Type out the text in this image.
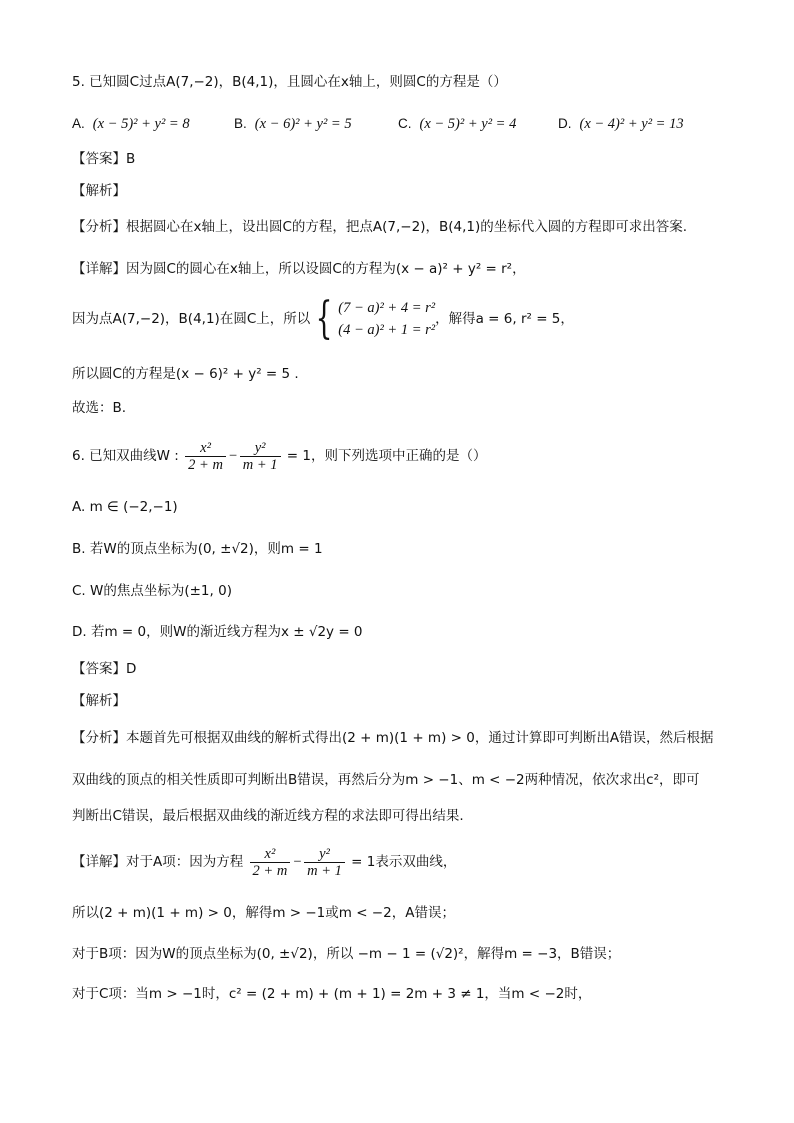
5. 已知圆C过点A(7,−2)，B(4,1)，且圆心在x轴上，则圆C的方程是（）
A. (x − 5)² + y² = 8	B. (x − 6)² + y² = 5	C. (x − 5)² + y² = 4	D. (x − 4)² + y² = 13
【答案】B
【解析】
【分析】根据圆心在x轴上，设出圆C的方程，把点A(7,−2)，B(4,1)的坐标代入圆的方程即可求出答案.
【详解】因为圆C的圆心在x轴上，所以设圆C的方程为(x − a)² + y² = r²，
因为点A(7,−2)，B(4,1)在圆C上，所以 { (7 − a)² + 4 = r²
(4 − a)² + 1 = r²
，解得a = 6, r² = 5，
所以圆C的方程是(x − 6)² + y² = 5 .
故选：B.
6. 已知双曲线W : $\frac{\text{x²}}{2 + m} - \frac{\text{y²}}{m + 1} = 1$，则下列选项中正确的是（）
A. m ∈ (−2,−1)
B. 若W的顶点坐标为(0, ±√2)，则m = 1
C. W的焦点坐标为(±1, 0)
D. 若m = 0，则W的渐近线方程为x ± √2y = 0
【答案】D
【解析】
【分析】本题首先可根据双曲线的解析式得出(2 + m)(1 + m) > 0，通过计算即可判断出A错误，然后根据
双曲线的顶点的相关性质即可判断出B错误，再然后分为m > −1、m < −2两种情况，依次求出c²，即可
判断出C错误，最后根据双曲线的渐近线方程的求法即可得出结果.
【详解】对于A项：因为方程 $\frac{\text{x²}}{2 + m} - \frac{\text{y²}}{m + 1} = 1$表示双曲线，
所以(2 + m)(1 + m) > 0，解得m > −1或m < −2，A错误；
对于B项：因为W的顶点坐标为(0, ±√2)，所以 −m − 1 = (√2)²，解得m = −3，B错误；
对于C项：当m > −1时，c² = (2 + m) + (m + 1) = 2m + 3 ≠ 1，当m < −2时，
